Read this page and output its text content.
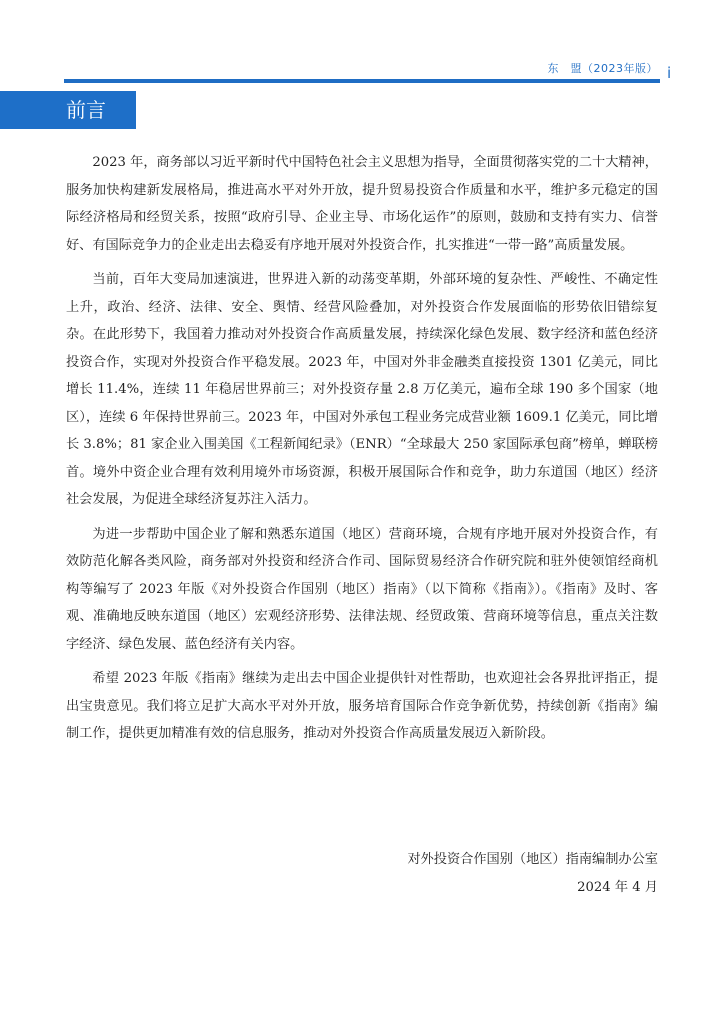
东　盟（2023年版） i
前言

2023 年，商务部以习近平新时代中国特色社会主义思想为指导，全面贯彻落实党的二十大精神，服务加快构建新发展格局，推进高水平对外开放，提升贸易投资合作质量和水平，维护多元稳定的国际经济格局和经贸关系，按照“政府引导、企业主导、市场化运作”的原则，鼓励和支持有实力、信誉好、有国际竞争力的企业走出去稳妥有序地开展对外投资合作，扎实推进“一带一路”高质量发展。

当前，百年大变局加速演进，世界进入新的动荡变革期，外部环境的复杂性、严峻性、不确定性上升，政治、经济、法律、安全、舆情、经营风险叠加，对外投资合作发展面临的形势依旧错综复杂。在此形势下，我国着力推动对外投资合作高质量发展，持续深化绿色发展、数字经济和蓝色经济投资合作，实现对外投资合作平稳发展。2023 年，中国对外非金融类直接投资 1301 亿美元，同比增长 11.4%，连续 11 年稳居世界前三；对外投资存量 2.8 万亿美元，遍布全球 190 多个国家（地区），连续 6 年保持世界前三。2023 年，中国对外承包工程业务完成营业额 1609.1 亿美元，同比增长 3.8%；81 家企业入围美国《工程新闻纪录》（ENR）“全球最大 250 家国际承包商”榜单，蝉联榜首。境外中资企业合理有效利用境外市场资源，积极开展国际合作和竞争，助力东道国（地区）经济社会发展，为促进全球经济复苏注入活力。

为进一步帮助中国企业了解和熟悉东道国（地区）营商环境，合规有序地开展对外投资合作，有效防范化解各类风险，商务部对外投资和经济合作司、国际贸易经济合作研究院和驻外使领馆经商机构等编写了 2023 年版《对外投资合作国别（地区）指南》（以下简称《指南》）。《指南》及时、客观、准确地反映东道国（地区）宏观经济形势、法律法规、经贸政策、营商环境等信息，重点关注数字经济、绿色发展、蓝色经济有关内容。

希望 2023 年版《指南》继续为走出去中国企业提供针对性帮助，也欢迎社会各界批评指正，提出宝贵意见。我们将立足扩大高水平对外开放，服务培育国际合作竞争新优势，持续创新《指南》编制工作，提供更加精准有效的信息服务，推动对外投资合作高质量发展迈入新阶段。

对外投资合作国别（地区）指南编制办公室
2024 年 4 月
